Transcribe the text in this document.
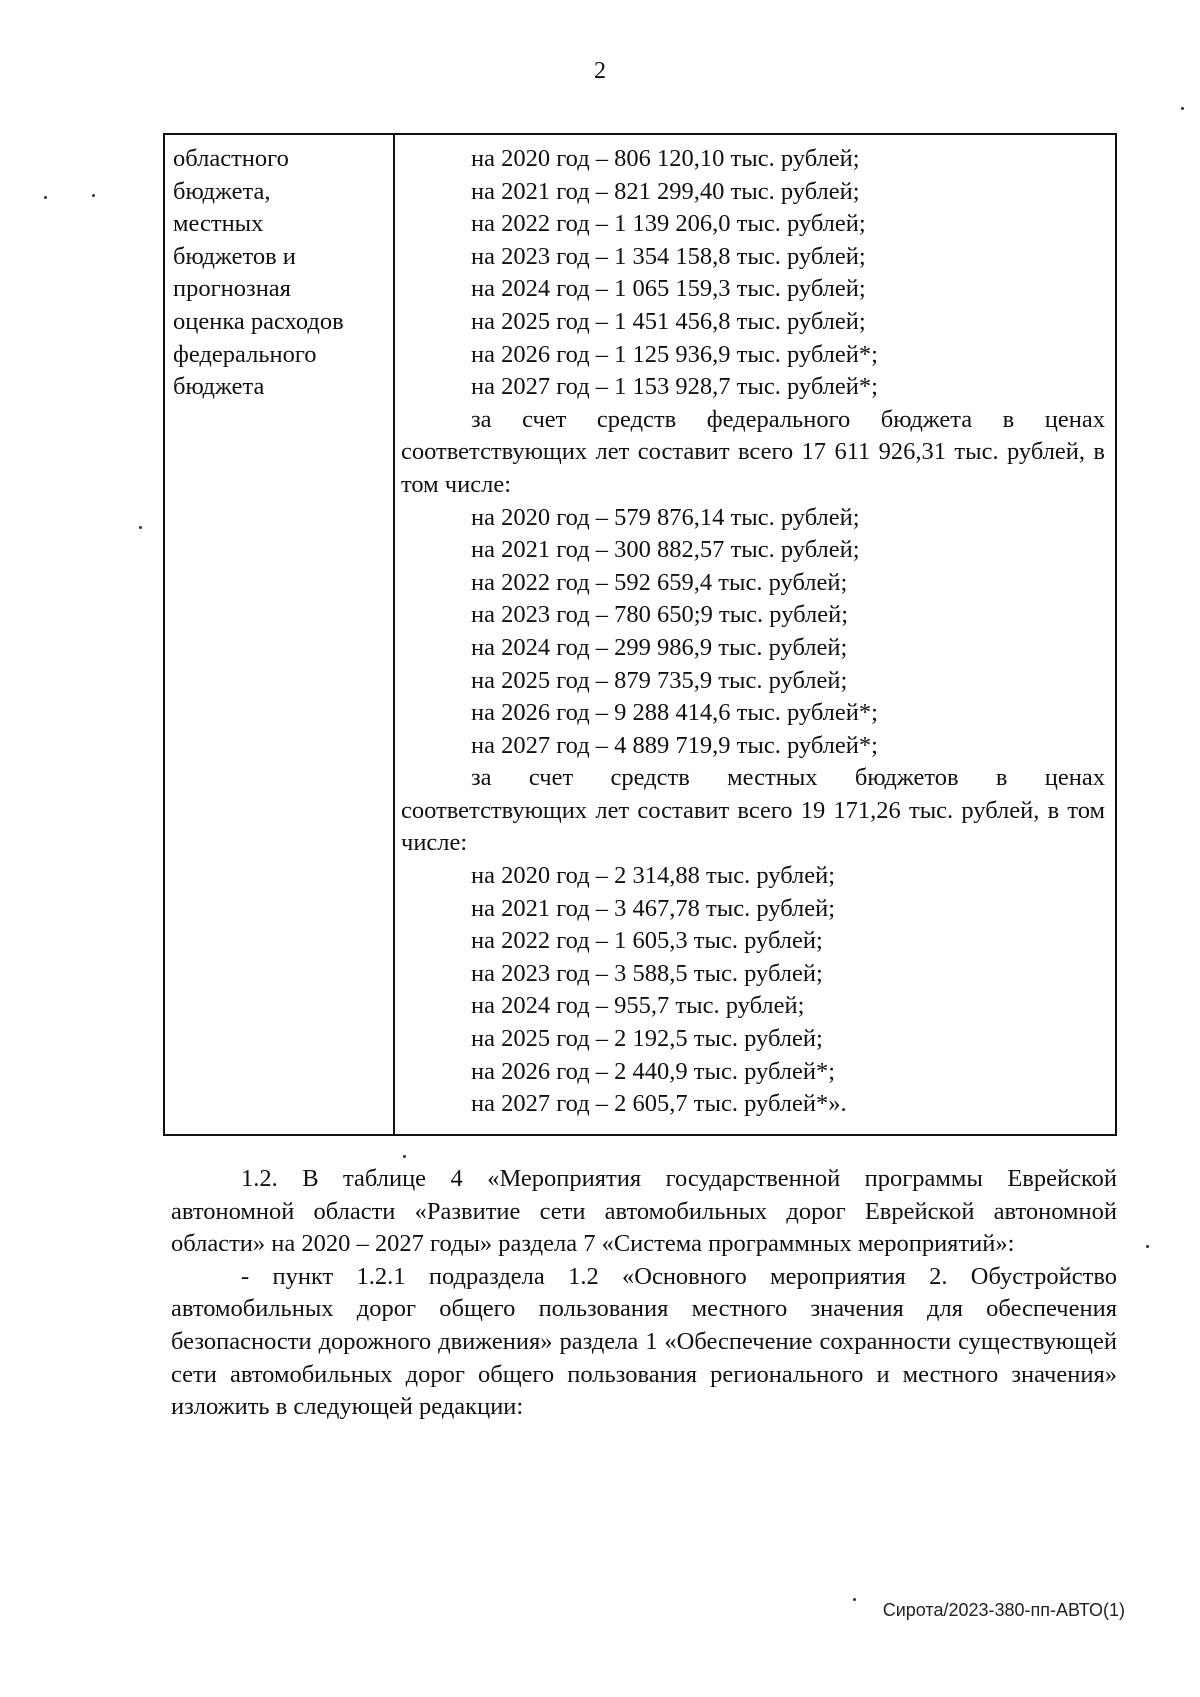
2
областного
бюджета,
местных
бюджетов и
прогнозная
оценка расходов
федерального
бюджета
на 2020 год – 806 120,10 тыс. рублей;
на 2021 год – 821 299,40 тыс. рублей;
на 2022 год – 1 139 206,0 тыс. рублей;
на 2023 год – 1 354 158,8 тыс. рублей;
на 2024 год – 1 065 159,3 тыс. рублей;
на 2025 год – 1 451 456,8 тыс. рублей;
на 2026 год – 1 125 936,9 тыс. рублей*;
на 2027 год – 1 153 928,7 тыс. рублей*;
за счет средств федерального бюджета в ценах соответствующих лет составит всего 17 611 926,31 тыс. рублей, в том числе:
на 2020 год – 579 876,14 тыс. рублей;
на 2021 год – 300 882,57 тыс. рублей;
на 2022 год – 592 659,4 тыс. рублей;
на 2023 год – 780 650;9 тыс. рублей;
на 2024 год – 299 986,9 тыс. рублей;
на 2025 год – 879 735,9 тыс. рублей;
на 2026 год – 9 288 414,6 тыс. рублей*;
на 2027 год – 4 889 719,9 тыс. рублей*;
за счет средств местных бюджетов в ценах соответствующих лет составит всего 19 171,26 тыс. рублей, в том числе:
на 2020 год – 2 314,88 тыс. рублей;
на 2021 год – 3 467,78 тыс. рублей;
на 2022 год – 1 605,3 тыс. рублей;
на 2023 год – 3 588,5 тыс. рублей;
на 2024 год – 955,7 тыс. рублей;
на 2025 год – 2 192,5 тыс. рублей;
на 2026 год – 2 440,9 тыс. рублей*;
на 2027 год – 2 605,7 тыс. рублей*».

1.2. В таблице 4 «Мероприятия государственной программы Еврейской автономной области «Развитие сети автомобильных дорог Еврейской автономной области» на 2020 – 2027 годы» раздела 7 «Система программных мероприятий»:

- пункт 1.2.1 подраздела 1.2 «Основного мероприятия 2. Обустройство автомобильных дорог общего пользования местного значения для обеспечения безопасности дорожного движения» раздела 1 «Обеспечение сохранности существующей сети автомобильных дорог общего пользования регионального и местного значения» изложить в следующей редакции:

Сирота/2023-380-пп-АВТО(1)
